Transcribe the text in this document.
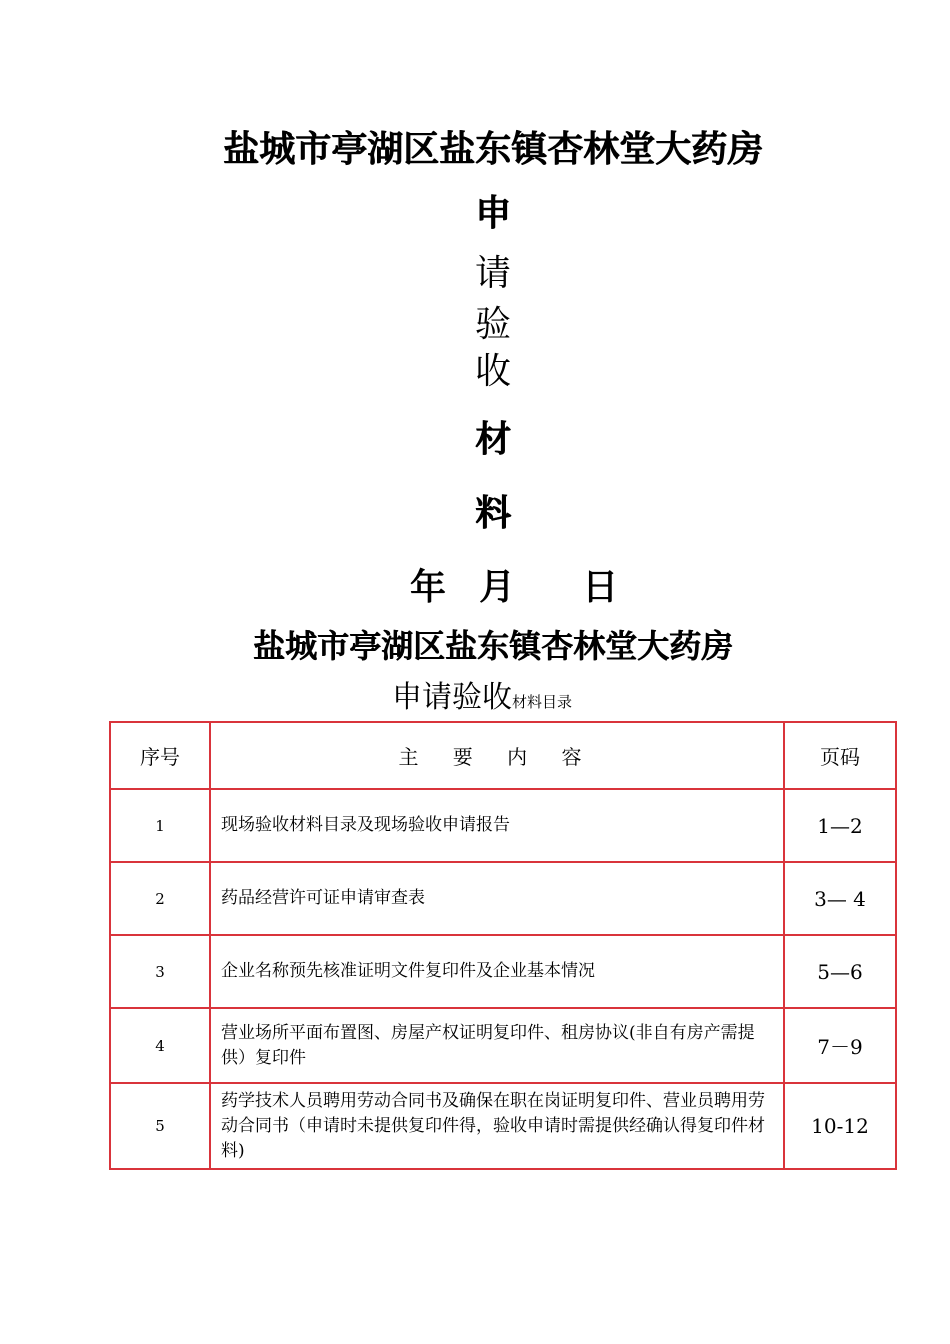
盐城市亭湖区盐东镇杏林堂大药房
申
请
验
收
材
料
年 月 日
盐城市亭湖区盐东镇杏林堂大药房
申请验收材料目录
序号	主 要 内 容	页码
1	现场验收材料目录及现场验收申请报告	1—2
2	药品经营许可证申请审查表	3— 4
3	企业名称预先核准证明文件复印件及企业基本情况	5—6
4	营业场所平面布置图、房屋产权证明复印件、租房协议(非自有房产需提供）复印件	7－9
5	药学技术人员聘用劳动合同书及确保在职在岗证明复印件、营业员聘用劳动合同书（申请时未提供复印件得，验收申请时需提供经确认得复印件材料)	10-12
